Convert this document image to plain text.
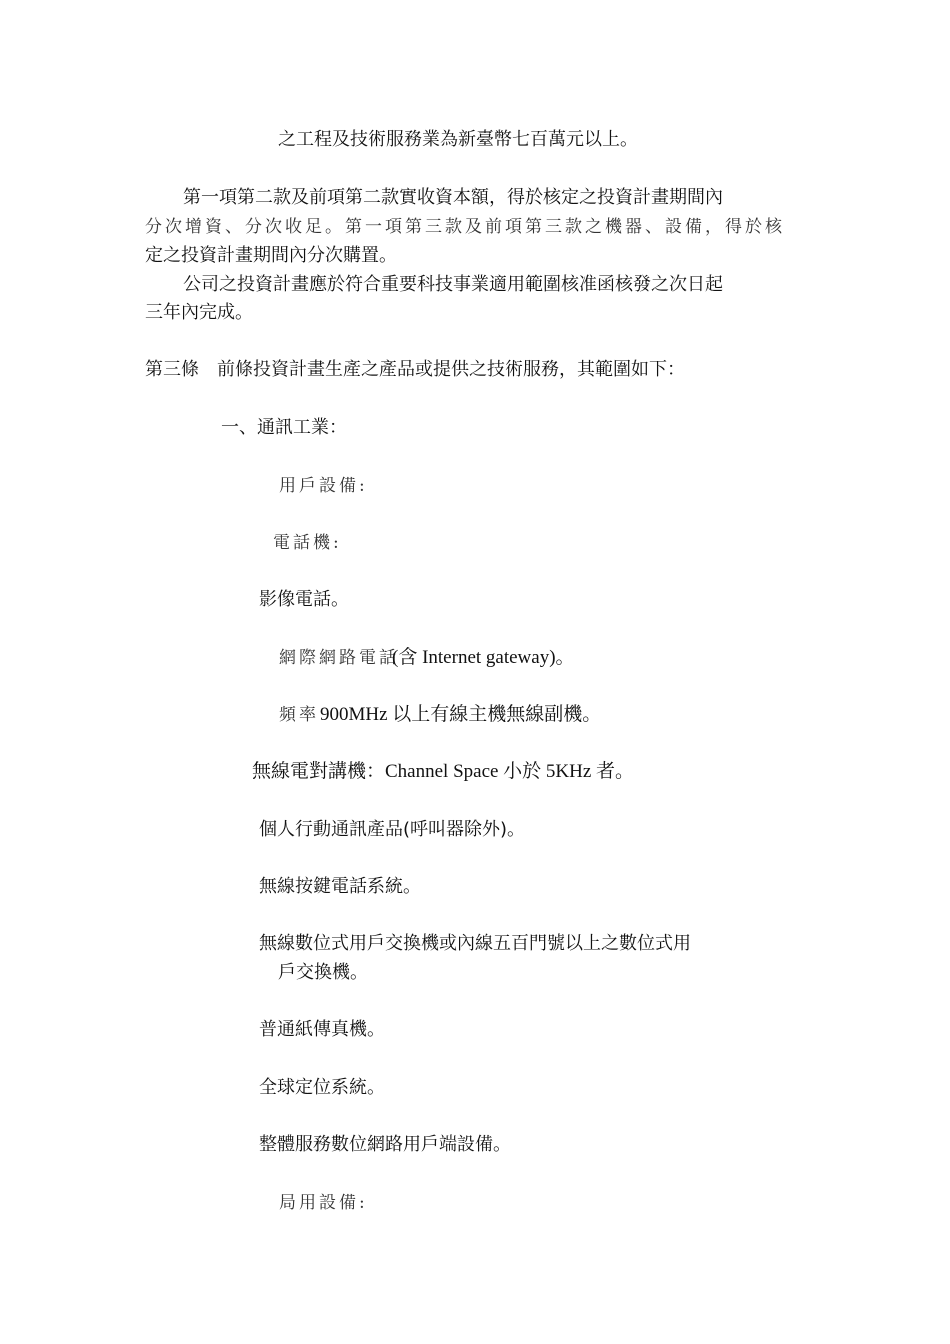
之工程及技術服務業為新臺幣七百萬元以上。
第一項第二款及前項第二款實收資本額，得於核定之投資計畫期間內
分次增資、分次收足。第一項第三款及前項第三款之機器、設備，得於核
定之投資計畫期間內分次購置。
公司之投資計畫應於符合重要科技事業適用範圍核准函核發之次日起
三年內完成。
第三條　前條投資計畫生產之產品或提供之技術服務，其範圍如下：
一、通訊工業：
用戶設備:
電話機:
影像電話。
網際網路電話
(含 Internet gateway)。
頻率 900MHz 以上有線主機無線副機。
無線電對講機：Channel Space 小於 5KHz 者。
個人行動通訊產品(呼叫器除外)。
無線按鍵電話系統。
無線數位式用戶交換機或內線五百門號以上之數位式用
戶交換機。
普通紙傳真機。
全球定位系統。
整體服務數位網路用戶端設備。
局用設備:
